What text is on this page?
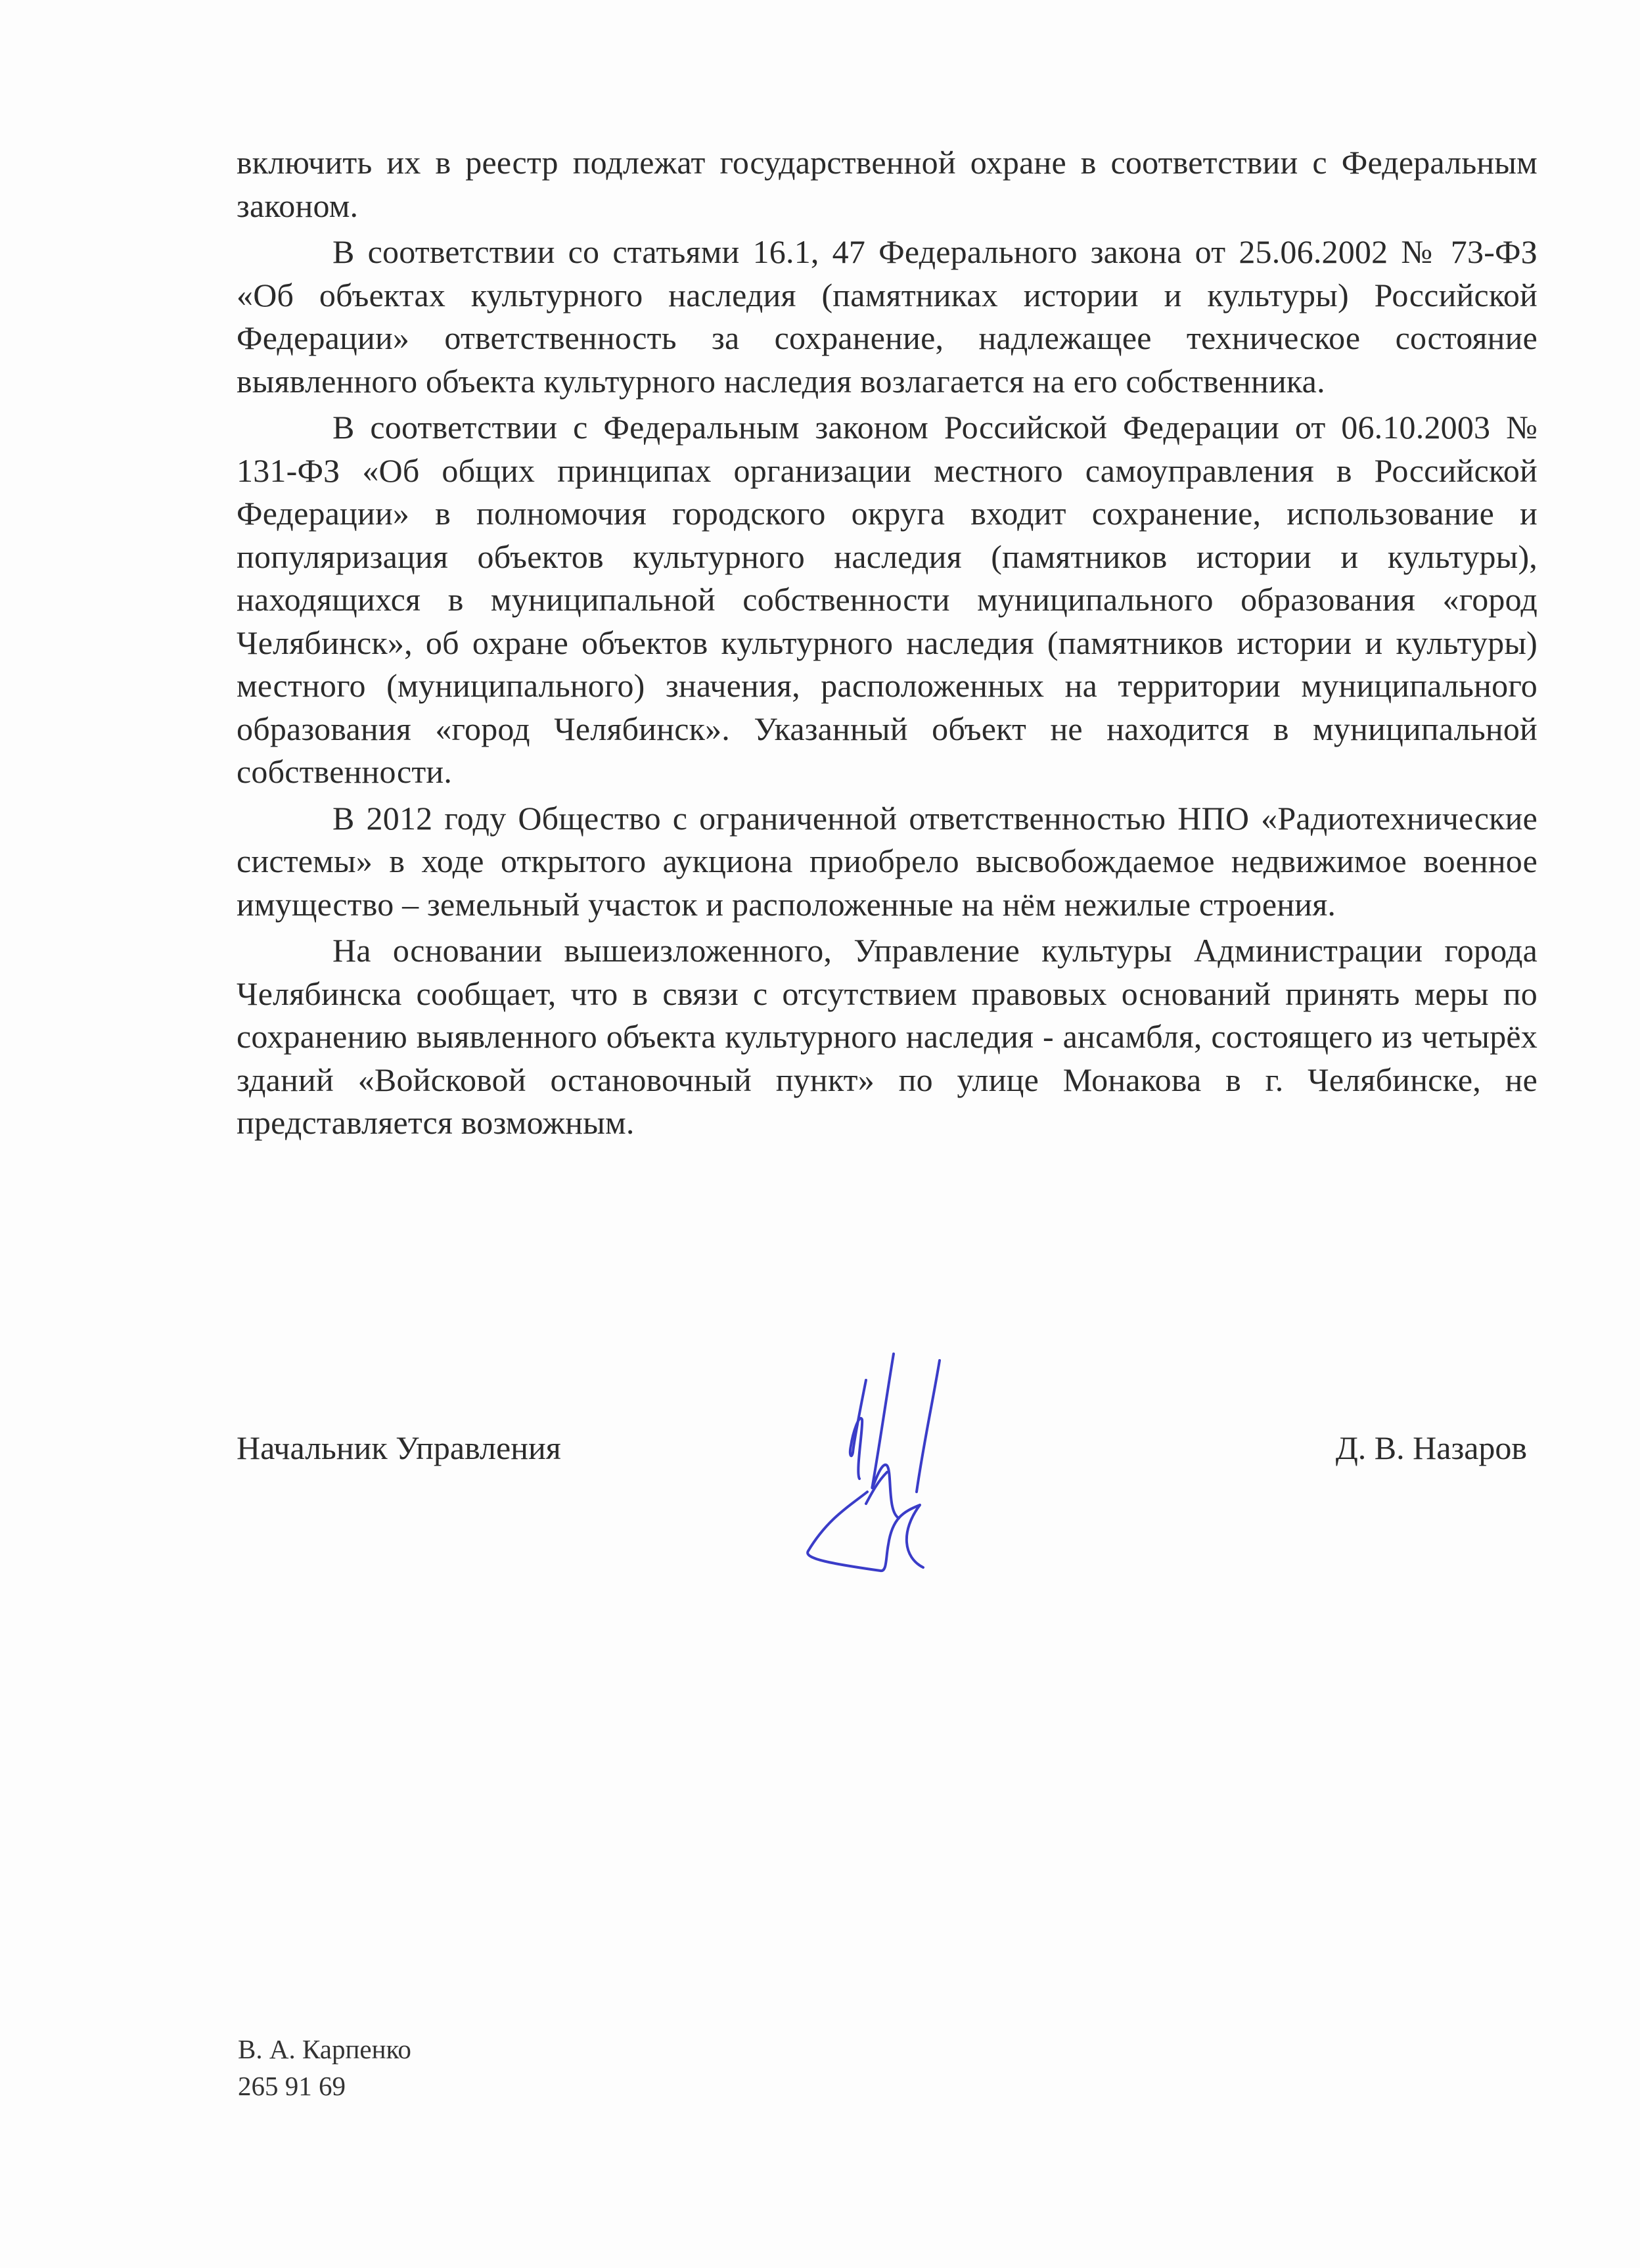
включить их в реестр подлежат государственной охране в соответствии с Федеральным законом.

В соответствии со статьями 16.1, 47 Федерального закона от 25.06.2002 № 73-ФЗ «Об объектах культурного наследия (памятниках истории и культуры) Российской Федерации» ответственность за сохранение, надлежащее техническое состояние выявленного объекта культурного наследия возлагается на его собственника.

В соответствии с Федеральным законом Российской Федерации от 06.10.2003 № 131-ФЗ «Об общих принципах организации местного самоуправления в Российской Федерации» в полномочия городского округа входит сохранение, использование и популяризация объектов культурного наследия (памятников истории и культуры), находящихся в муниципальной собственности муниципального образования «город Челябинск», об охране объектов культурного наследия (памятников истории и культуры) местного (муниципального) значения, расположенных на территории муниципального образования «город Челябинск». Указанный объект не находится в муниципальной собственности.

В 2012 году Общество с ограниченной ответственностью НПО «Радиотехнические системы» в ходе открытого аукциона приобрело высвобождаемое недвижимое военное имущество – земельный участок и расположенные на нём нежилые строения.

На основании вышеизложенного, Управление культуры Администрации города Челябинска сообщает, что в связи с отсутствием правовых оснований принять меры по сохранению выявленного объекта культурного наследия - ансамбля, состоящего из четырёх зданий «Войсковой остановочный пункт» по улице Монакова в г. Челябинске, не представляется возможным.

Начальник Управления	Д. В. Назаров
В. А. Карпенко
265 91 69
